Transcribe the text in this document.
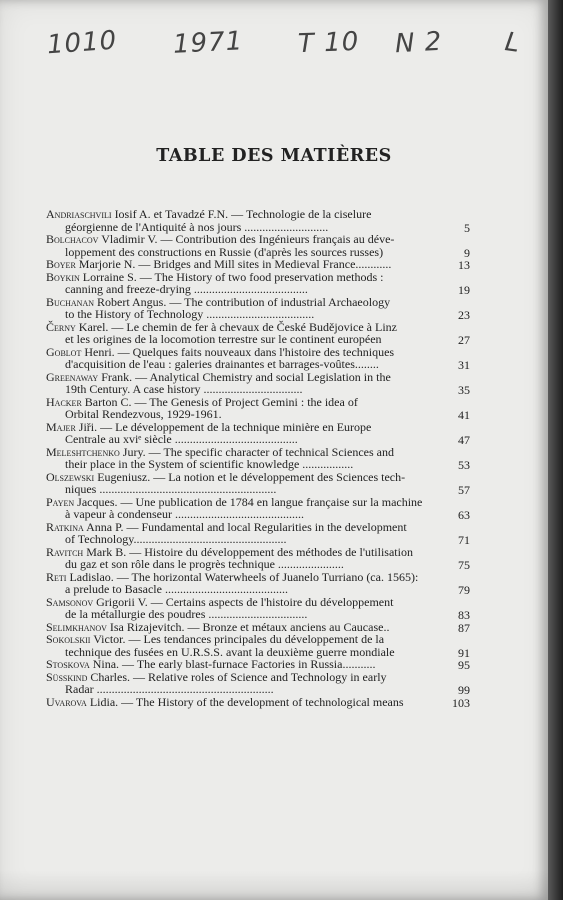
1010 1971 T 10 N 2 L
TABLE DES MATIÈRES
Andriaschvili Iosif A. et Tavadzé F.N. — Technologie de la ciselure
géorgienne de l'Antiquité à nos jours ............................	5
Bolchacov Vladimir V. — Contribution des Ingénieurs français au déve-
loppement des constructions en Russie (d'après les sources russes)	9
Boyer Marjorie N. — Bridges and Mill sites in Medieval France............	13
Boykin Lorraine S. — The History of two food preservation methods :
canning and freeze-drying ......................................	19
Buchanan Robert Angus. — The contribution of industrial Archaeology
to the History of Technology ....................................	23
Černy Karel. — Le chemin de fer à chevaux de České Budějovice à Linz
et les origines de la locomotion terrestre sur le continent européen	27
Goblot Henri. — Quelques faits nouveaux dans l'histoire des techniques
d'acquisition de l'eau : galeries drainantes et barrages-voûtes........	31
Greenaway Frank. — Analytical Chemistry and social Legislation in the
19th Century. A case history .................................	35
Hacker Barton C. — The Genesis of Project Gemini : the idea of
Orbital Rendezvous, 1929-1961.	41
Majer Jiři. — Le développement de la technique minière en Europe
Centrale au xviᵉ siècle .........................................	47
Meleshtchenko Jury. — The specific character of technical Sciences and
their place in the System of scientific knowledge .................	53
Olszewski Eugeniusz. — La notion et le développement des Sciences tech-
niques ...........................................................	57
Payen Jacques. — Une publication de 1784 en langue française sur la machine
à vapeur à condenseur ...........................................	63
Ratkina Anna P. — Fundamental and local Regularities in the development
of Technology...................................................	71
Ravitch Mark B. — Histoire du développement des méthodes de l'utilisation
du gaz et son rôle dans le progrès technique ......................	75
Reti Ladislao. — The horizontal Waterwheels of Juanelo Turriano (ca. 1565):
a prelude to Basacle .........................................	79
Samsonov Grigorii V. — Certains aspects de l'histoire du développement
de la métallurgie des poudres .................................	83
Selimkhanov Isa Rizajevitch. — Bronze et métaux anciens au Caucase..	87
Sokolskii Victor. — Les tendances principales du développement de la
technique des fusées en U.R.S.S. avant la deuxième guerre mondiale	91
Stoskova Nina. — The early blast-furnace Factories in Russia...........	95
Süsskind Charles. — Relative roles of Science and Technology in early
Radar ...........................................................	99
Uvarova Lidia. — The History of the development of technological means	103
